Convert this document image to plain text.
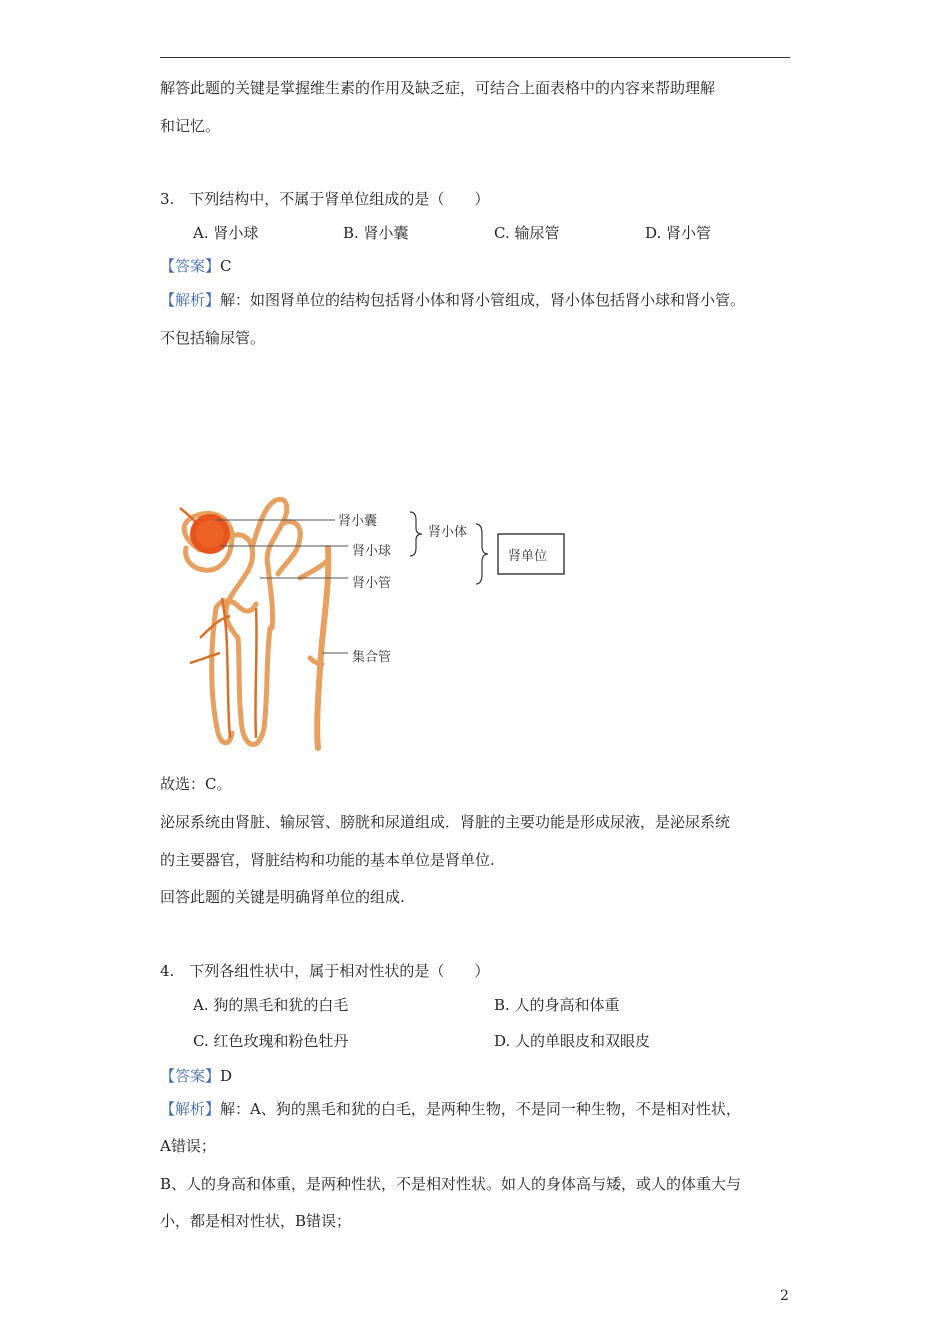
解答此题的关键是掌握维生素的作用及缺乏症，可结合上面表格中的内容来帮助理解
和记忆。
3.　下列结构中，不属于肾单位组成的是（　　）
A. 肾小球	B. 肾小囊	C. 输尿管	D. 肾小管
【答案】C
【解析】解：如图肾单位的结构包括肾小体和肾小管组成，肾小体包括肾小球和肾小管。
不包括输尿管。
肾小囊
肾小球
肾小管
肾小体
肾单位
集合管
故选：C。
泌尿系统由肾脏、输尿管、膀胱和尿道组成．肾脏的主要功能是形成尿液，是泌尿系统
的主要器官，肾脏结构和功能的基本单位是肾单位.
回答此题的关键是明确肾单位的组成.
4.　下列各组性状中，属于相对性状的是（　　）
A. 狗的黑毛和犹的白毛	B. 人的身高和体重
C. 红色玫瑰和粉色牡丹	D. 人的单眼皮和双眼皮
【答案】D
【解析】解：A、狗的黑毛和犹的白毛，是两种生物，不是同一种生物，不是相对性状，
A错误；
B、人的身高和体重，是两种性状，不是相对性状。如人的身体高与矮，或人的体重大与
小，都是相对性状，B错误；
2
